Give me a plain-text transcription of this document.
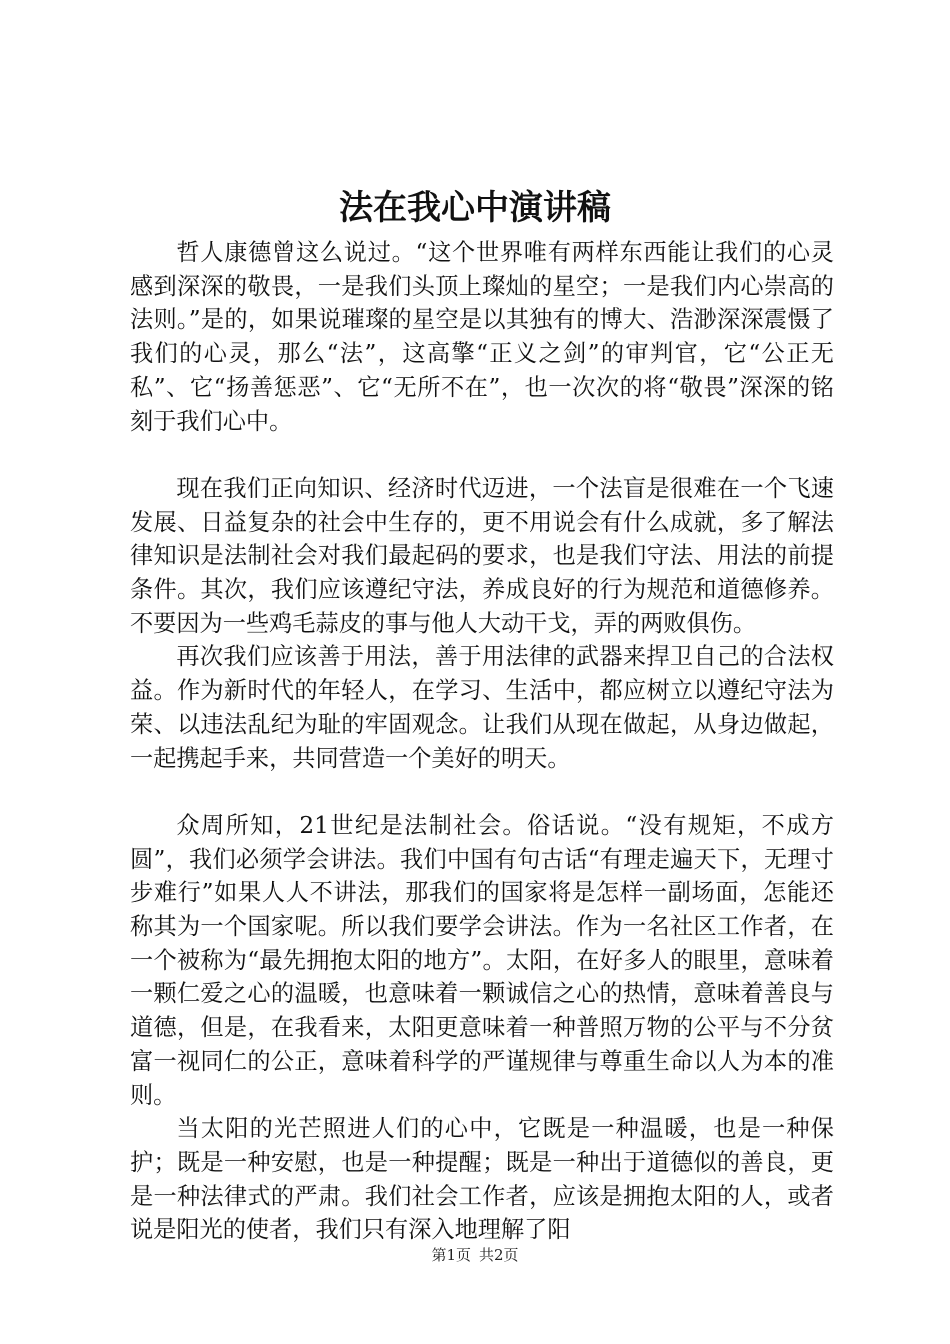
法在我心中演讲稿

哲人康德曾这么说过。“这个世界唯有两样东西能让我们的心灵感到深深的敬畏，一是我们头顶上璨灿的星空；一是我们内心崇高的法则。”是的，如果说璀璨的星空是以其独有的博大、浩渺深深震慑了我们的心灵，那么“法”，这高擎“正义之剑”的审判官，它“公正无私”、它“扬善惩恶”、它“无所不在”，也一次次的将“敬畏”深深的铭刻于我们心中。

现在我们正向知识、经济时代迈进，一个法盲是很难在一个飞速发展、日益复杂的社会中生存的，更不用说会有什么成就，多了解法律知识是法制社会对我们最起码的要求，也是我们守法、用法的前提条件。其次，我们应该遵纪守法，养成良好的行为规范和道德修养。不要因为一些鸡毛蒜皮的事与他人大动干戈，弄的两败俱伤。

再次我们应该善于用法，善于用法律的武器来捍卫自己的合法权益。作为新时代的年轻人，在学习、生活中，都应树立以遵纪守法为荣、以违法乱纪为耻的牢固观念。让我们从现在做起，从身边做起，一起携起手来，共同营造一个美好的明天。

众周所知，21世纪是法制社会。俗话说。“没有规矩，不成方圆”，我们必须学会讲法。我们中国有句古话“有理走遍天下，无理寸步难行”如果人人不讲法，那我们的国家将是怎样一副场面，怎能还称其为一个国家呢。所以我们要学会讲法。作为一名社区工作者，在一个被称为“最先拥抱太阳的地方”。太阳，在好多人的眼里，意味着一颗仁爱之心的温暖，也意味着一颗诚信之心的热情，意味着善良与道德，但是，在我看来，太阳更意味着一种普照万物的公平与不分贫富一视同仁的公正，意味着科学的严谨规律与尊重生命以人为本的准则。

当太阳的光芒照进人们的心中，它既是一种温暖，也是一种保护；既是一种安慰，也是一种提醒；既是一种出于道德似的善良，更是一种法律式的严肃。我们社会工作者，应该是拥抱太阳的人，或者说是阳光的使者，我们只有深入地理解了阳

第1页 共2页
